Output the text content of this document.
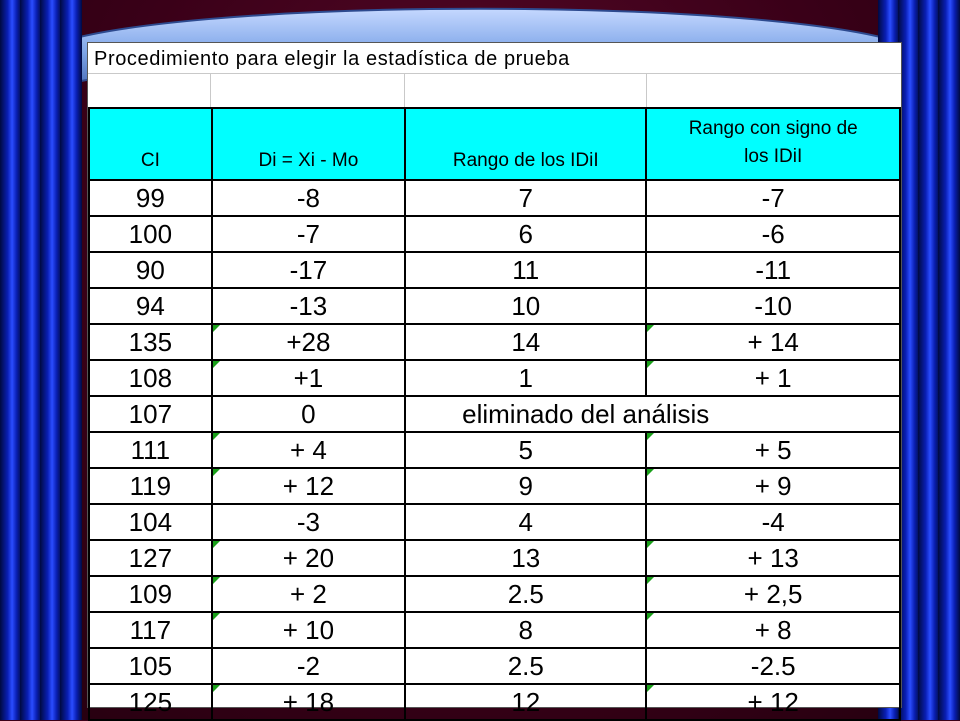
Procedimiento para elegir la estadística de prueba
CI	Di = Xi - Mo	Rango de los IDiI	Rango con signo de los IDiI
99	-8	7	-7
100	-7	6	-6
90	-17	11	-11
94	-13	10	-10
135	+28	14	+ 14
108	+1	1	+ 1
107	0	eliminado del análisis	
111	+ 4	5	+ 5
119	+ 12	9	+ 9
104	-3	4	-4
127	+ 20	13	+ 13
109	+ 2	2.5	+ 2,5
117	+ 10	8	+ 8
105	-2	2.5	-2.5
125	+ 18	12	+ 12
